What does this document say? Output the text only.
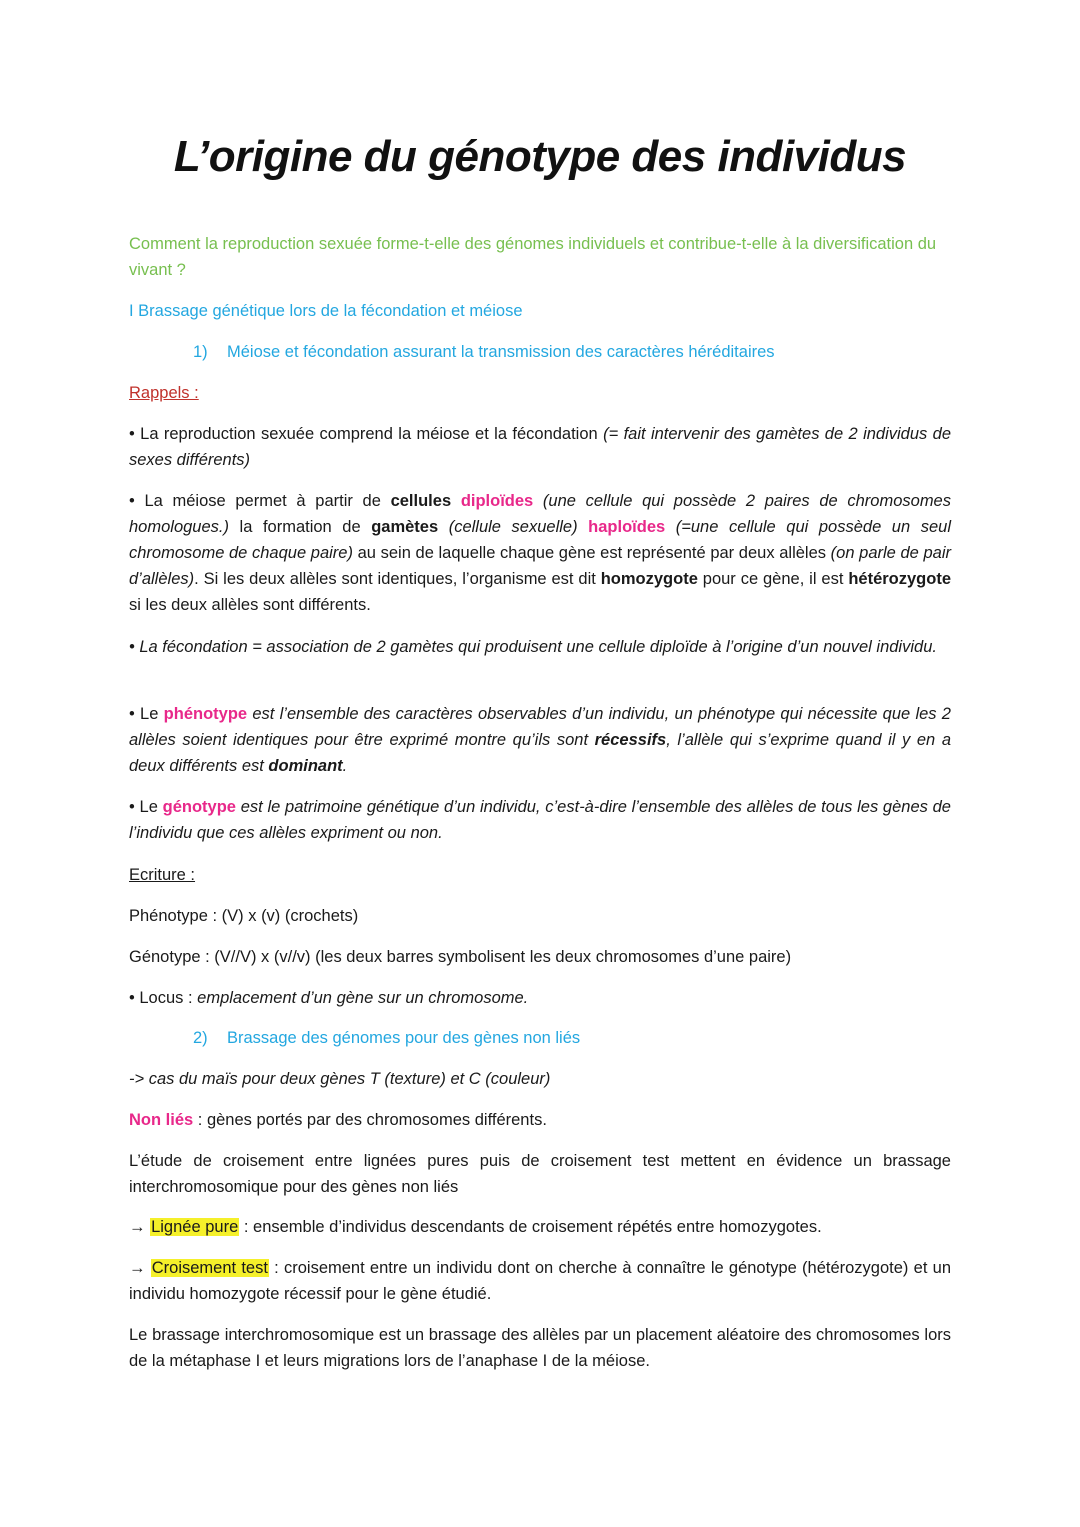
L’origine du génotype des individus

Comment la reproduction sexuée forme-t-elle des génomes individuels et contribue-t-elle à la diversification du vivant ?

I Brassage génétique lors de la fécondation et méiose

1) Méiose et fécondation assurant la transmission des caractères héréditaires

Rappels :

• La reproduction sexuée comprend la méiose et la fécondation (= fait intervenir des gamètes de 2 individus de sexes différents)

• La méiose permet à partir de cellules diploïdes (une cellule qui possède 2 paires de chromosomes homologues.) la formation de gamètes (cellule sexuelle) haploïdes (=une cellule qui possède un seul chromosome de chaque paire) au sein de laquelle chaque gène est représenté par deux allèles (on parle de pair d’allèles). Si les deux allèles sont identiques, l’organisme est dit homozygote pour ce gène, il est hétérozygote si les deux allèles sont différents.

• La fécondation = association de 2 gamètes qui produisent une cellule diploïde à l’origine d’un nouvel individu.

• Le phénotype est l’ensemble des caractères observables d’un individu, un phénotype qui nécessite que les 2 allèles soient identiques pour être exprimé montre qu’ils sont récessifs, l’allèle qui s’exprime quand il y en a deux différents est dominant.

• Le génotype est le patrimoine génétique d’un individu, c’est-à-dire l’ensemble des allèles de tous les gènes de l’individu que ces allèles expriment ou non.

Ecriture :

Phénotype : (V) x (v) (crochets)

Génotype : (V//V) x (v//v) (les deux barres symbolisent les deux chromosomes d’une paire)

• Locus : emplacement d’un gène sur un chromosome.

2) Brassage des génomes pour des gènes non liés

-> cas du maïs pour deux gènes T (texture) et C (couleur)

Non liés : gènes portés par des chromosomes différents.

L’étude de croisement entre lignées pures puis de croisement test mettent en évidence un brassage interchromosomique pour des gènes non liés

→ Lignée pure : ensemble d’individus descendants de croisement répétés entre homozygotes.

→ Croisement test : croisement entre un individu dont on cherche à connaître le génotype (hétérozygote) et un individu homozygote récessif pour le gène étudié.

Le brassage interchromosomique est un brassage des allèles par un placement aléatoire des chromosomes lors de la métaphase I et leurs migrations lors de l’anaphase I de la méiose.
